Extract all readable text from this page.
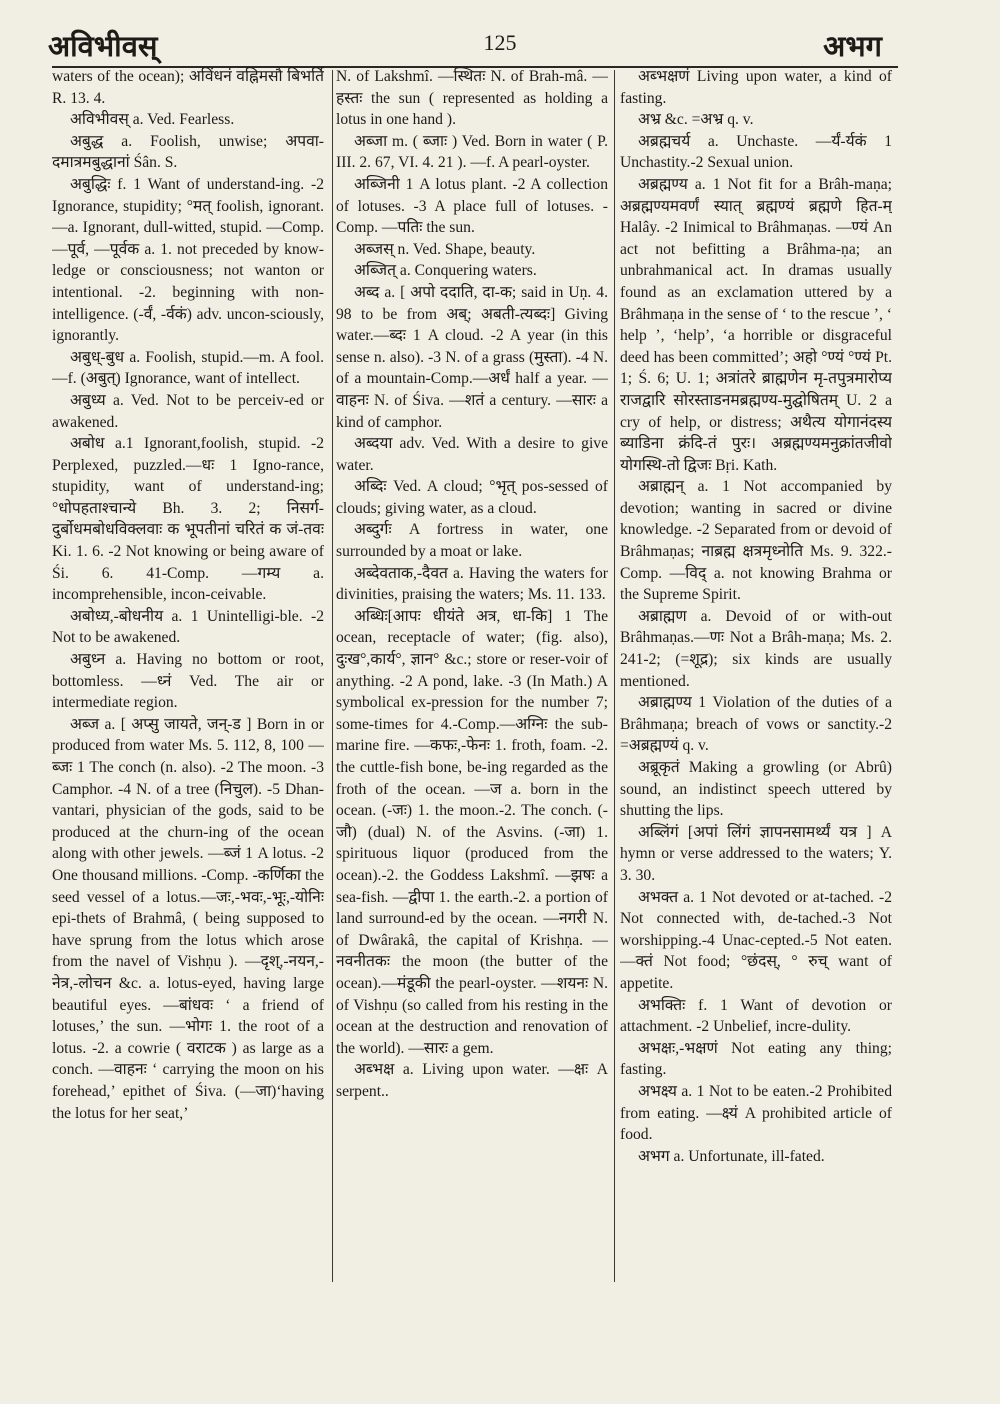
अविभीवस्	125	अभग

waters of the ocean); अविंधनं वह्निमसौ बिभर्ति R. 13. 4.

अविभीवस् a. Ved. Fearless.

अबुद्ध a. Foolish, unwise; अपवा-दमात्रमबुद्धानां Śân. S.

अबुद्धिः f. 1 Want of understand-ing. -2 Ignorance, stupidity; °मत् foolish, ignorant. —a. Ignorant, dull-witted, stupid. —Comp. —पूर्व, —पूर्वक a. 1. not preceded by know-ledge or consciousness; not wanton or intentional. -2. beginning with non-intelligence. (-र्वं, -र्वकं) adv. uncon-sciously, ignorantly.

अबुध्-बुध a. Foolish, stupid.—m. A fool. —f. (अबुत्) Ignorance, want of intellect.

अबुध्य a. Ved. Not to be perceiv-ed or awakened.

अबोध a.1 Ignorant,foolish, stupid. -2 Perplexed, puzzled.—धः 1 Igno-rance, stupidity, want of understand-ing; °धोपहताश्चान्ये Bh. 3. 2; निसर्ग-दुर्बोधमबोधविक्लवाः क भूपतीनां चरितं क जं-तवः Ki. 1. 6. -2 Not knowing or being aware of Śi. 6. 41-Comp. —गम्य a. incomprehensible, incon-ceivable.

अबोध्य,-बोधनीय a. 1 Unintelligi-ble. -2 Not to be awakened.

अबुध्न a. Having no bottom or root, bottomless. —ध्नं Ved. The air or intermediate region.

अब्ज a. [ अप्सु जायते, जन्-ड ] Born in or produced from water Ms. 5. 112, 8, 100 —ब्जः 1 The conch (n. also). -2 The moon. -3 Camphor. -4 N. of a tree (निचुल). -5 Dhan-vantari, physician of the gods, said to be produced at the churn-ing of the ocean along with other jewels. —ब्जं 1 A lotus. -2 One thousand millions. -Comp. -कर्णिका the seed vessel of a lotus.—जः,-भवः,-भूः,-योनिः epi-thets of Brahmâ, ( being supposed to have sprung from the lotus which arose from the navel of Vishṇu ). —दृश्,-नयन,-नेत्र,-लोचन &c. a. lotus-eyed, having large beautiful eyes. —बांधवः ‘ a friend of lotuses,’ the sun. —भोगः 1. the root of a lotus. -2. a cowrie ( वराटक ) as large as a conch. —वाहनः ‘ carrying the moon on his forehead,’ epithet of Śiva. (—जा)‘having the lotus for her seat,’

N. of Lakshmî. —स्थितः N. of Brah-mâ. —हस्तः the sun ( represented as holding a lotus in one hand ).

अब्जा m. ( ब्जाः ) Ved. Born in water ( P. III. 2. 67, VI. 4. 21 ). —f. A pearl-oyster.

अब्जिनी 1 A lotus plant. -2 A collection of lotuses. -3 A place full of lotuses. -Comp. —पतिः the sun.

अब्जस् n. Ved. Shape, beauty.

अब्जित् a. Conquering waters.

अब्द a. [ अपो ददाति, दा-क; said in Uṇ. 4. 98 to be from अब्; अबती-त्यब्दः] Giving water.—ब्दः 1 A cloud. -2 A year (in this sense n. also). -3 N. of a grass (मुस्ता). -4 N. of a mountain-Comp.—अर्धं half a year. —वाहनः N. of Śiva. —शतं a century. —सारः a kind of camphor.

अब्दया adv. Ved. With a desire to give water.

अब्दिः Ved. A cloud; °भृत् pos-sessed of clouds; giving water, as a cloud.

अब्दुर्गः A fortress in water, one surrounded by a moat or lake.

अब्देवताक,-दैवत a. Having the waters for divinities, praising the waters; Ms. 11. 133.

अब्धिः[आपः धीयंते अत्र, धा-कि] 1 The ocean, receptacle of water; (fig. also), दुःख°,कार्य°, ज्ञान° &c.; store or reser-voir of anything. -2 A pond, lake. -3 (In Math.) A symbolical ex-pression for the number 7; some-times for 4.-Comp.—अग्निः the sub-marine fire. —कफः,-फेनः 1. froth, foam. -2. the cuttle-fish bone, be-ing regarded as the froth of the ocean. —ज a. born in the ocean. (-जः) 1. the moon.-2. The conch. (-जौ) (dual) N. of the Asvins. (-जा) 1. spirituous liquor (produced from the ocean).-2. the Goddess Lakshmî. —झषः a sea-fish. —द्वीपा 1. the earth.-2. a portion of land surround-ed by the ocean. —नगरी N. of Dwârakâ, the capital of Krishṇa. —नवनीतकः the moon (the butter of the ocean).—मंडूकी the pearl-oyster. —शयनः N. of Vishṇu (so called from his resting in the ocean at the destruction and renovation of the world). —सारः a gem.

अब्भक्ष a. Living upon water. —क्षः A serpent..

अब्भक्षणं Living upon water, a kind of fasting.

अभ्र &c. =अभ्र q. v.

अब्रह्मचर्य a. Unchaste. —र्यं-र्यकं 1 Unchastity.-2 Sexual union.

अब्रह्मण्य a. 1 Not fit for a Brâh-maṇa; अब्रह्मण्यमवर्णं स्यात् ब्रह्मण्यं ब्रह्मणे हित-म् Halây. -2 Inimical to Brâhmaṇas. —ण्यं An act not befitting a Brâhma-ṇa; an unbrahmanical act. In dramas usually found as an exclamation uttered by a Brâhmaṇa in the sense of ‘ to the rescue ’, ‘ help ’, ‘help’, ‘a horrible or disgraceful deed has been committed’; अहो °ण्यं °ण्यं Pt. 1; Ś. 6; U. 1; अत्रांतरे ब्राह्मणेन मृ-तपुत्रमारोप्य राजद्वारि सोरस्ताडनमब्रह्मण्य-मुद्घोषितम् U. 2 a cry of help, or distress; अथैत्य योगानंदस्य ब्याडिना क्रंदि-तं पुरः। अब्रह्मण्यमनुक्रांतजीवो योगस्थि-तो द्विजः Bṛi. Kath.

अब्राह्मन् a. 1 Not accompanied by devotion; wanting in sacred or divine knowledge. -2 Separated from or devoid of Brâhmaṇas; नाब्रह्म क्षत्रमृध्नोति Ms. 9. 322.-Comp. —विद् a. not knowing Brahma or the Supreme Spirit.

अब्राह्मण a. Devoid of or with-out Brâhmaṇas.—णः Not a Brâh-maṇa; Ms. 2. 241-2; (=शूद्र); six kinds are usually mentioned.

अब्राह्मण्य 1 Violation of the duties of a Brâhmaṇa; breach of vows or sanctity.-2 =अब्रह्मण्यं q. v.

अब्रूकृतं Making a growling (or Abrû) sound, an indistinct speech uttered by shutting the lips.

अब्लिंगं [अपां लिंगं ज्ञापनसामर्थ्यं यत्र ] A hymn or verse addressed to the waters; Y. 3. 30.

अभक्त a. 1 Not devoted or at-tached. -2 Not connected with, de-tached.-3 Not worshipping.-4 Unac-cepted.-5 Not eaten.—क्तं Not food; °छंदस्, ° रुच् want of appetite.

अभक्तिः f. 1 Want of devotion or attachment. -2 Unbelief, incre-dulity.

अभक्षः,-भक्षणं Not eating any thing; fasting.

अभक्ष्य a. 1 Not to be eaten.-2 Prohibited from eating. —क्ष्यं A prohibited article of food.

अभग a. Unfortunate, ill-fated.
